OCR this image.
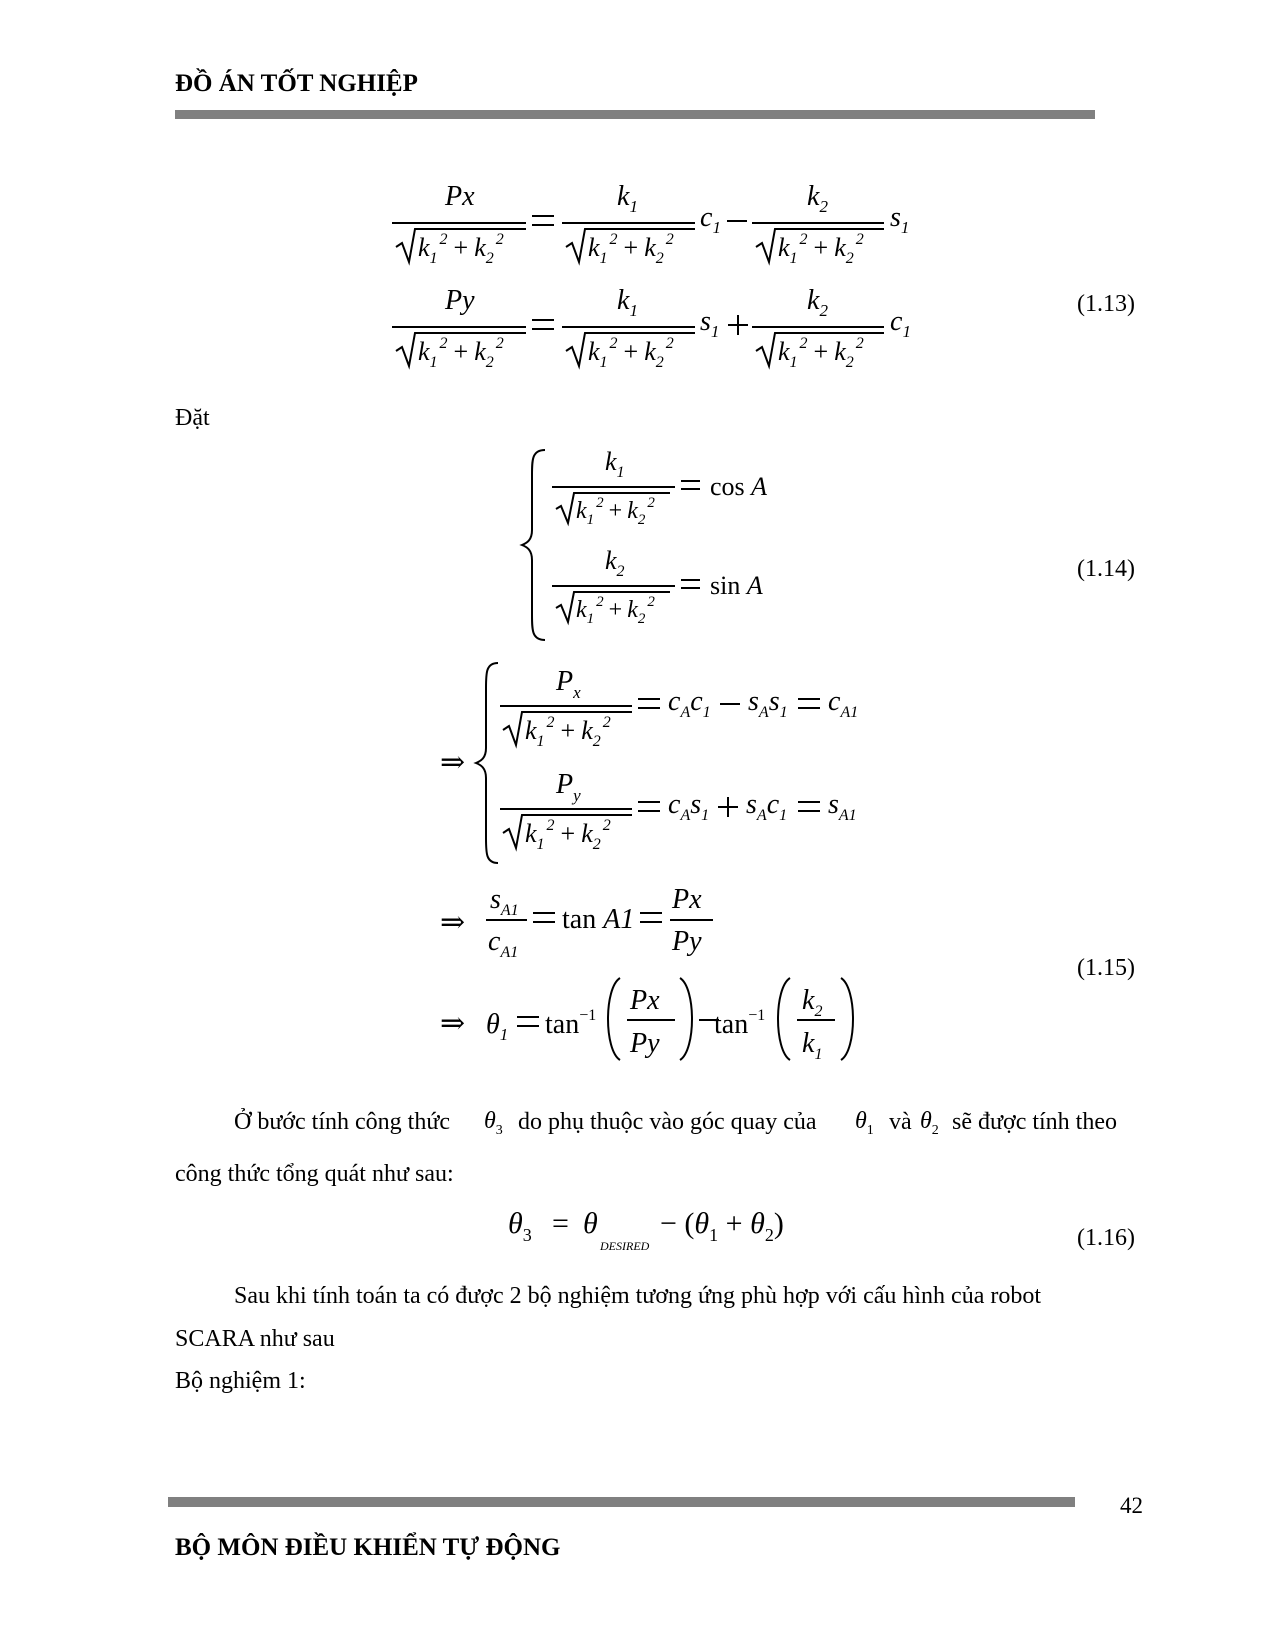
ĐỒ ÁN TỐT NGHIỆP
Px
Py
$k_1$	$k_2$
$k_1$	$k_2$
$c_1$	$s_1$
$s_1$	$c_1$
$k_1^2 + k_2^2$	$k_1^2 + k_2^2$	$k_1^2 + k_2^2$
$k_1^2 + k_2^2$	$k_1^2 + k_2^2$	$k_1^2 + k_2^2$
$k_1$
$k_2$
cos A
sin A
$k_1^2 + k_2^2$
$k_1^2 + k_2^2$
⇒
$P_x$
$P_y$
$c_Ac_1$ $s_As_1$ $c_{A1}$
$c_As_1$ $s_Ac_1$ $s_{A1}$
$k_1^2 + k_2^2$
$k_1^2 + k_2^2$
⇒
$s_{A1}$
$c_{A1}$
tan A1
Px
Py
⇒ $\theta_1$ $\tan^{-1} Px$
Py
$\tan^{-1} k_2$
$k_1$
$\theta_3$	$\theta_1$ $\theta_2$
$\theta_3 = \theta$
DESIRED
− $(\theta_1 + \theta_2)$
(1.13)
(1.14)
(1.15)
(1.16)
Đặt
Ở bước tính công thức	do phụ thuộc vào góc quay của	và sẽ được tính theo
công thức tổng quát như sau:
Sau khi tính toán ta có được 2 bộ nghiệm tương ứng phù hợp với cấu hình của robot
SCARA như sau
Bộ nghiệm 1:
42
BỘ MÔN ĐIỀU KHIỂN TỰ ĐỘNG
